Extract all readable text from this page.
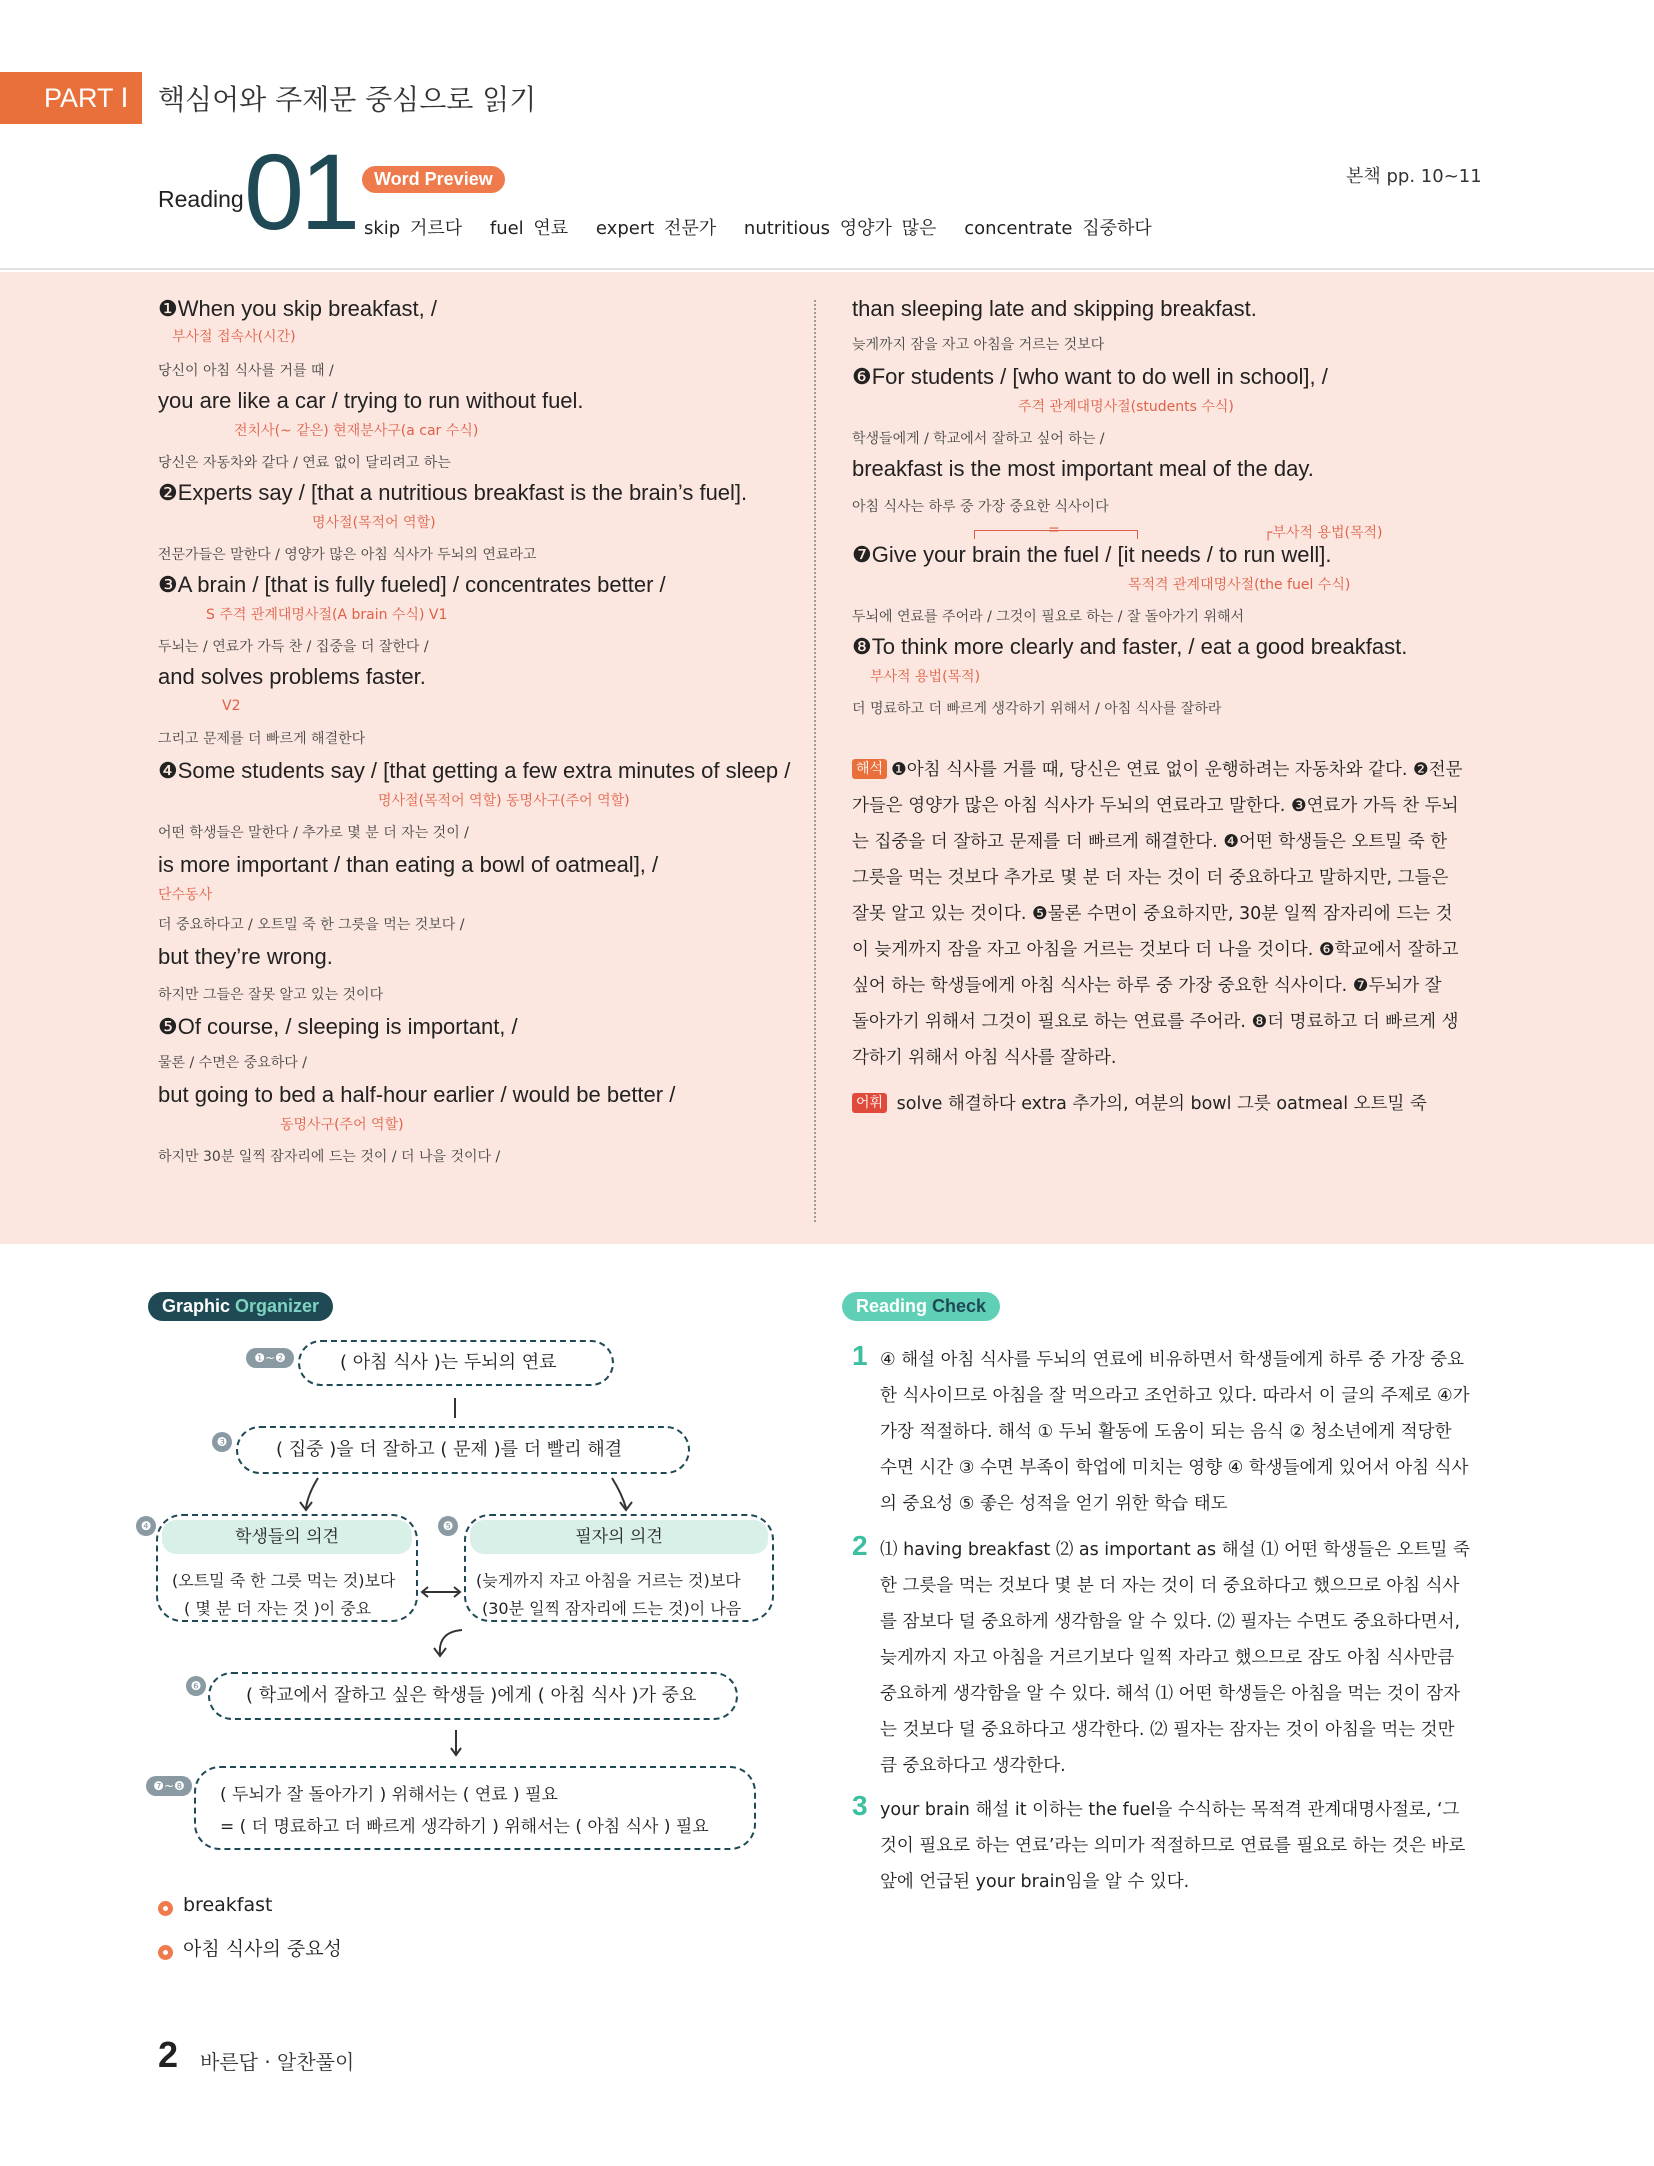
PART Ⅰ	핵심어와 주제문 중심으로 읽기
Reading 01 Word Preview
skip 거르다 fuel 연료 expert 전문가 nutritious 영양가 많은 concentrate 집중하다
본책 pp. 10~11
❶When you skip breakfast, /
부사절 접속사(시간)
당신이 아침 식사를 거를 때 /
you are like a car / trying to run without fuel.
전치사(~ 같은) 현재분사구(a car 수식)
당신은 자동차와 같다 / 연료 없이 달리려고 하는
❷Experts say / [that a nutritious breakfast is the brain’s fuel].
명사절(목적어 역할)
전문가들은 말한다 / 영양가 많은 아침 식사가 두뇌의 연료라고
❸A brain / [that is fully fueled] / concentrates better /
S 주격 관계대명사절(A brain 수식) V1
두뇌는 / 연료가 가득 찬 / 집중을 더 잘한다 /
and solves problems faster.
V2
그리고 문제를 더 빠르게 해결한다
❹Some students say / [that getting a few extra minutes of sleep /
명사절(목적어 역할) 동명사구(주어 역할)
어떤 학생들은 말한다 / 추가로 몇 분 더 자는 것이 /
is more important / than eating a bowl of oatmeal], /
단수동사
더 중요하다고 / 오트밀 죽 한 그릇을 먹는 것보다 /
but they’re wrong.
하지만 그들은 잘못 알고 있는 것이다
❺Of course, / sleeping is important, /
물론 / 수면은 중요하다 /
but going to bed a half-hour earlier / would be better /
동명사구(주어 역할)
하지만 30분 일찍 잠자리에 드는 것이 / 더 나을 것이다 /
than sleeping late and skipping breakfast.
늦게까지 잠을 자고 아침을 거르는 것보다
❻For students / [who want to do well in school], /
주격 관계대명사절(students 수식)
학생들에게 / 학교에서 잘하고 싶어 하는 /
breakfast is the most important meal of the day.
아침 식사는 하루 중 가장 중요한 식사이다
┌부사적 용법(목적)
=
❼Give your brain the fuel / [it needs / to run well].
목적격 관계대명사절(the fuel 수식)
두뇌에 연료를 주어라 / 그것이 필요로 하는 / 잘 돌아가기 위해서
❽To think more clearly and faster, / eat a good breakfast.
부사적 용법(목적)
더 명료하고 더 빠르게 생각하기 위해서 / 아침 식사를 잘하라
해석 ❶아침 식사를 거를 때, 당신은 연료 없이 운행하려는 자동차와 같다. ❷전문가들은 영양가 많은 아침 식사가 두뇌의 연료라고 말한다. ❸연료가 가득 찬 두뇌는 집중을 더 잘하고 문제를 더 빠르게 해결한다. ❹어떤 학생들은 오트밀 죽 한 그릇을 먹는 것보다 추가로 몇 분 더 자는 것이 더 중요하다고 말하지만, 그들은 잘못 알고 있는 것이다. ❺물론 수면이 중요하지만, 30분 일찍 잠자리에 드는 것이 늦게까지 잠을 자고 아침을 거르는 것보다 더 나을 것이다. ❻학교에서 잘하고 싶어 하는 학생들에게 아침 식사는 하루 중 가장 중요한 식사이다. ❼두뇌가 잘 돌아가기 위해서 그것이 필요로 하는 연료를 주어라. ❽더 명료하고 더 빠르게 생각하기 위해서 아침 식사를 잘하라.
어휘 solve 해결하다 extra 추가의, 여분의 bowl 그릇 oatmeal 오트밀 죽
Graphic Organizer
❶~❷	( 아침 식사 )는 두뇌의 연료
❸	( 집중 )을 더 잘하고 ( 문제 )를 더 빨리 해결
❹
학생들의 의견
(오트밀 죽 한 그릇 먹는 것)보다
( 몇 분 더 자는 것 )이 중요
❺
필자의 의견
(늦게까지 자고 아침을 거르는 것)보다
(30분 일찍 잠자리에 드는 것)이 나음
❻	( 학교에서 잘하고 싶은 학생들 )에게 ( 아침 식사 )가 중요
❼~❽	( 두뇌가 잘 돌아가기 ) 위해서는 ( 연료 ) 필요
= ( 더 명료하고 더 빠르게 생각하기 ) 위해서는 ( 아침 식사 ) 필요
breakfast
아침 식사의 중요성
Reading Check
1 ④ 해설 아침 식사를 두뇌의 연료에 비유하면서 학생들에게 하루 중 가장 중요한 식사이므로 아침을 잘 먹으라고 조언하고 있다. 따라서 이 글의 주제로 ④가 가장 적절하다. 해석 ① 두뇌 활동에 도움이 되는 음식 ② 청소년에게 적당한 수면 시간 ③ 수면 부족이 학업에 미치는 영향 ④ 학생들에게 있어서 아침 식사의 중요성 ⑤ 좋은 성적을 얻기 위한 학습 태도
2 ⑴ having breakfast ⑵ as important as 해설 ⑴ 어떤 학생들은 오트밀 죽 한 그릇을 먹는 것보다 몇 분 더 자는 것이 더 중요하다고 했으므로 아침 식사를 잠보다 덜 중요하게 생각함을 알 수 있다. ⑵ 필자는 수면도 중요하다면서, 늦게까지 자고 아침을 거르기보다 일찍 자라고 했으므로 잠도 아침 식사만큼 중요하게 생각함을 알 수 있다. 해석 ⑴ 어떤 학생들은 아침을 먹는 것이 잠자는 것보다 덜 중요하다고 생각한다. ⑵ 필자는 잠자는 것이 아침을 먹는 것만큼 중요하다고 생각한다.
3 your brain 해설 it 이하는 the fuel을 수식하는 목적격 관계대명사절로, ‘그것이 필요로 하는 연료’라는 의미가 적절하므로 연료를 필요로 하는 것은 바로 앞에 언급된 your brain임을 알 수 있다.
2 바른답 · 알찬풀이
